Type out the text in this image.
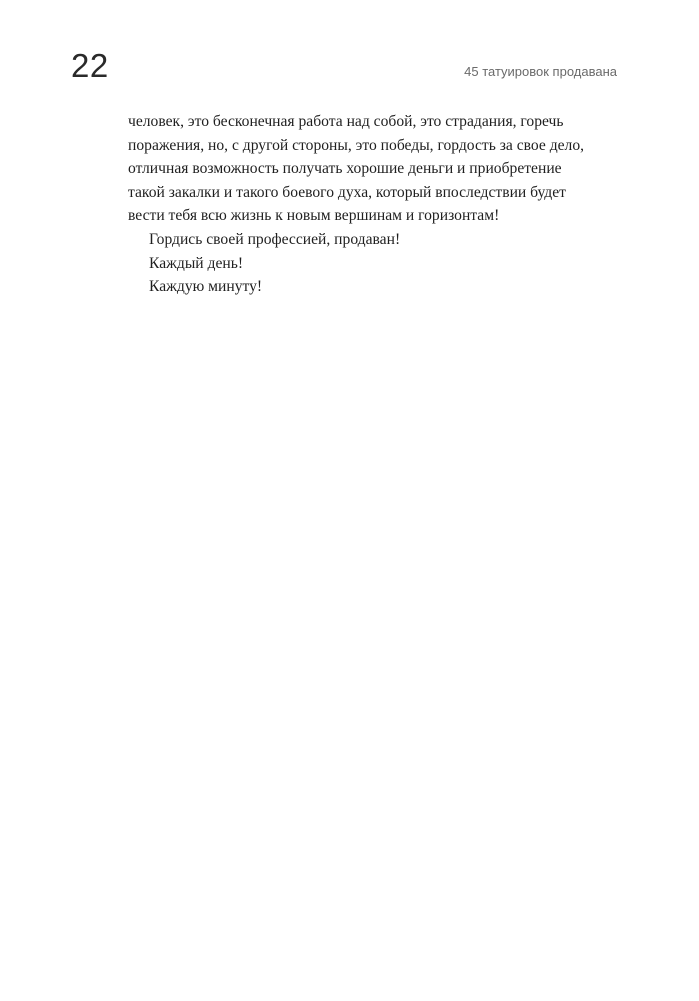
22	45 татуировок продавана

человек, это бесконечная работа над собой, это страдания, горечь

поражения, но, с другой стороны, это победы, гордость за свое дело,

отличная возможность получать хорошие деньги и приобретение

такой закалки и такого боевого духа, который впоследствии будет

вести тебя всю жизнь к новым вершинам и горизонтам!

Гордись своей профессией, продаван!

Каждый день!

Каждую минуту!
